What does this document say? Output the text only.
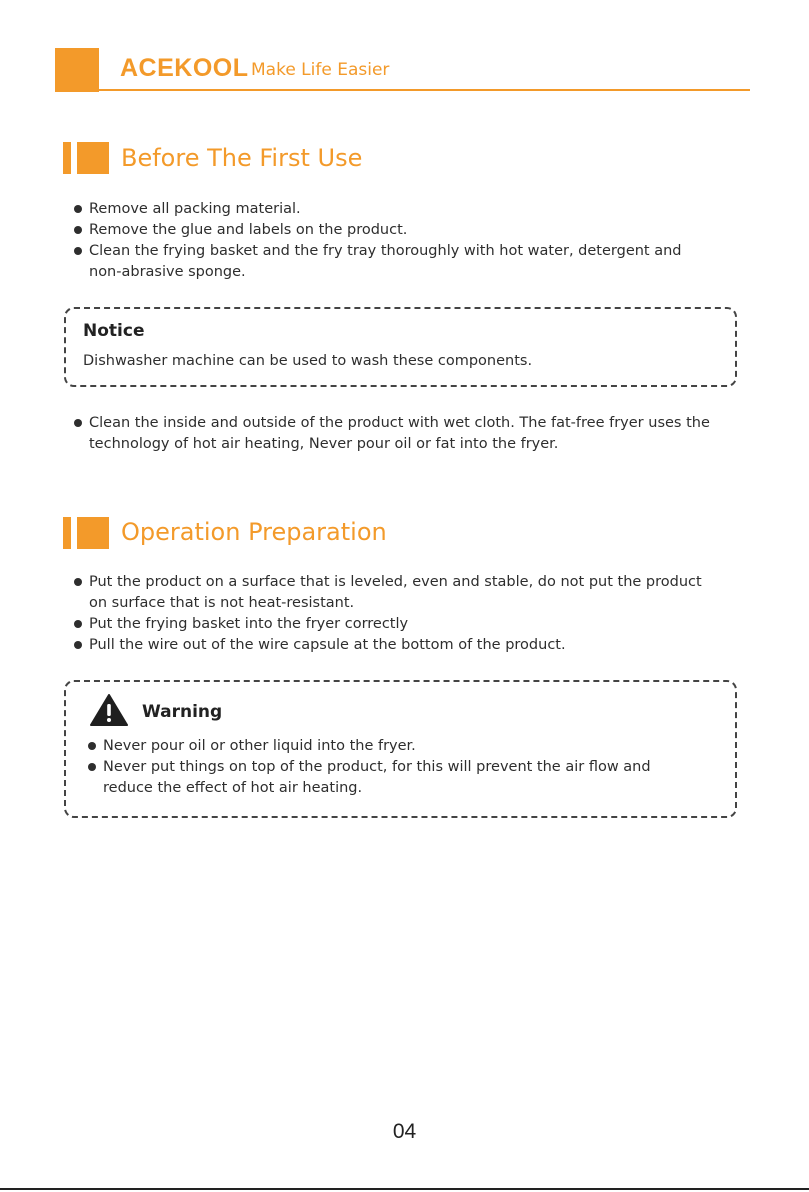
ACEKOOL Make Life Easier
Before The First Use
Remove all packing material.
Remove the glue and labels on the product.
Clean the frying basket and the fry tray thoroughly with hot water, detergent and
non-abrasive sponge.
Notice
Dishwasher machine can be used to wash these components.
Clean the inside and outside of the product with wet cloth. The fat-free fryer uses the
technology of hot air heating, Never pour oil or fat into the fryer.
Operation Preparation
Put the product on a surface that is leveled, even and stable, do not put the product
on surface that is not heat-resistant.
Put the frying basket into the fryer correctly
Pull the wire out of the wire capsule at the bottom of the product.
Warning
Never pour oil or other liquid into the fryer.
Never put things on top of the product, for this will prevent the air flow and
reduce the effect of hot air heating.
04
